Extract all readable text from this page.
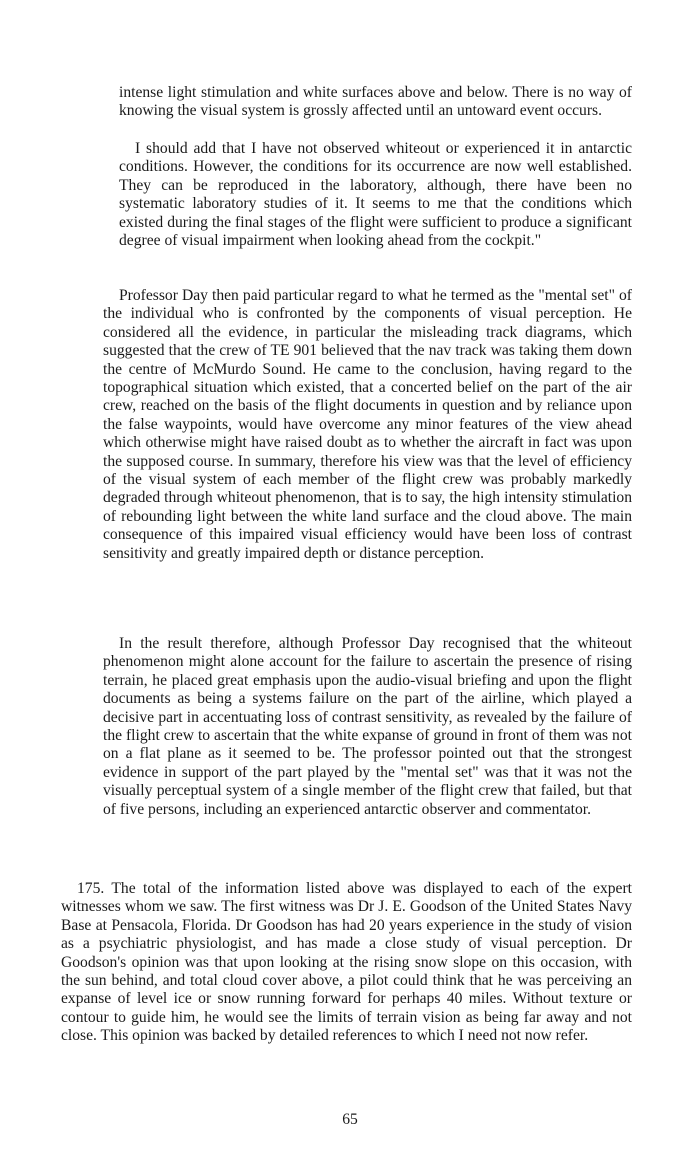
intense light stimulation and white surfaces above and below. There is no way of knowing the visual system is grossly affected until an untoward event occurs.

I should add that I have not observed whiteout or experienced it in antarctic conditions. However, the conditions for its occurrence are now well established. They can be reproduced in the laboratory, although, there have been no systematic laboratory studies of it. It seems to me that the conditions which existed during the final stages of the flight were sufficient to produce a significant degree of visual impairment when looking ahead from the cockpit."

Professor Day then paid particular regard to what he termed as the "mental set" of the individual who is confronted by the components of visual perception. He considered all the evidence, in particular the misleading track diagrams, which suggested that the crew of TE 901 believed that the nav track was taking them down the centre of McMurdo Sound. He came to the conclusion, having regard to the topographical situation which existed, that a concerted belief on the part of the air crew, reached on the basis of the flight documents in question and by reliance upon the false waypoints, would have overcome any minor features of the view ahead which otherwise might have raised doubt as to whether the aircraft in fact was upon the supposed course. In summary, therefore his view was that the level of efficiency of the visual system of each member of the flight crew was probably markedly degraded through whiteout phenomenon, that is to say, the high intensity stimulation of rebounding light between the white land surface and the cloud above. The main consequence of this impaired visual efficiency would have been loss of contrast sensitivity and greatly impaired depth or distance perception.

In the result therefore, although Professor Day recognised that the whiteout phenomenon might alone account for the failure to ascertain the presence of rising terrain, he placed great emphasis upon the audio-visual briefing and upon the flight documents as being a systems failure on the part of the airline, which played a decisive part in accentuating loss of contrast sensitivity, as revealed by the failure of the flight crew to ascertain that the white expanse of ground in front of them was not on a flat plane as it seemed to be. The professor pointed out that the strongest evidence in support of the part played by the "mental set" was that it was not the visually perceptual system of a single member of the flight crew that failed, but that of five persons, including an experienced antarctic observer and commentator.

175. The total of the information listed above was displayed to each of the expert witnesses whom we saw. The first witness was Dr J. E. Goodson of the United States Navy Base at Pensacola, Florida. Dr Goodson has had 20 years experience in the study of vision as a psychiatric physiologist, and has made a close study of visual perception. Dr Goodson's opinion was that upon looking at the rising snow slope on this occasion, with the sun behind, and total cloud cover above, a pilot could think that he was perceiving an expanse of level ice or snow running forward for perhaps 40 miles. Without texture or contour to guide him, he would see the limits of terrain vision as being far away and not close. This opinion was backed by detailed references to which I need not now refer.

65
